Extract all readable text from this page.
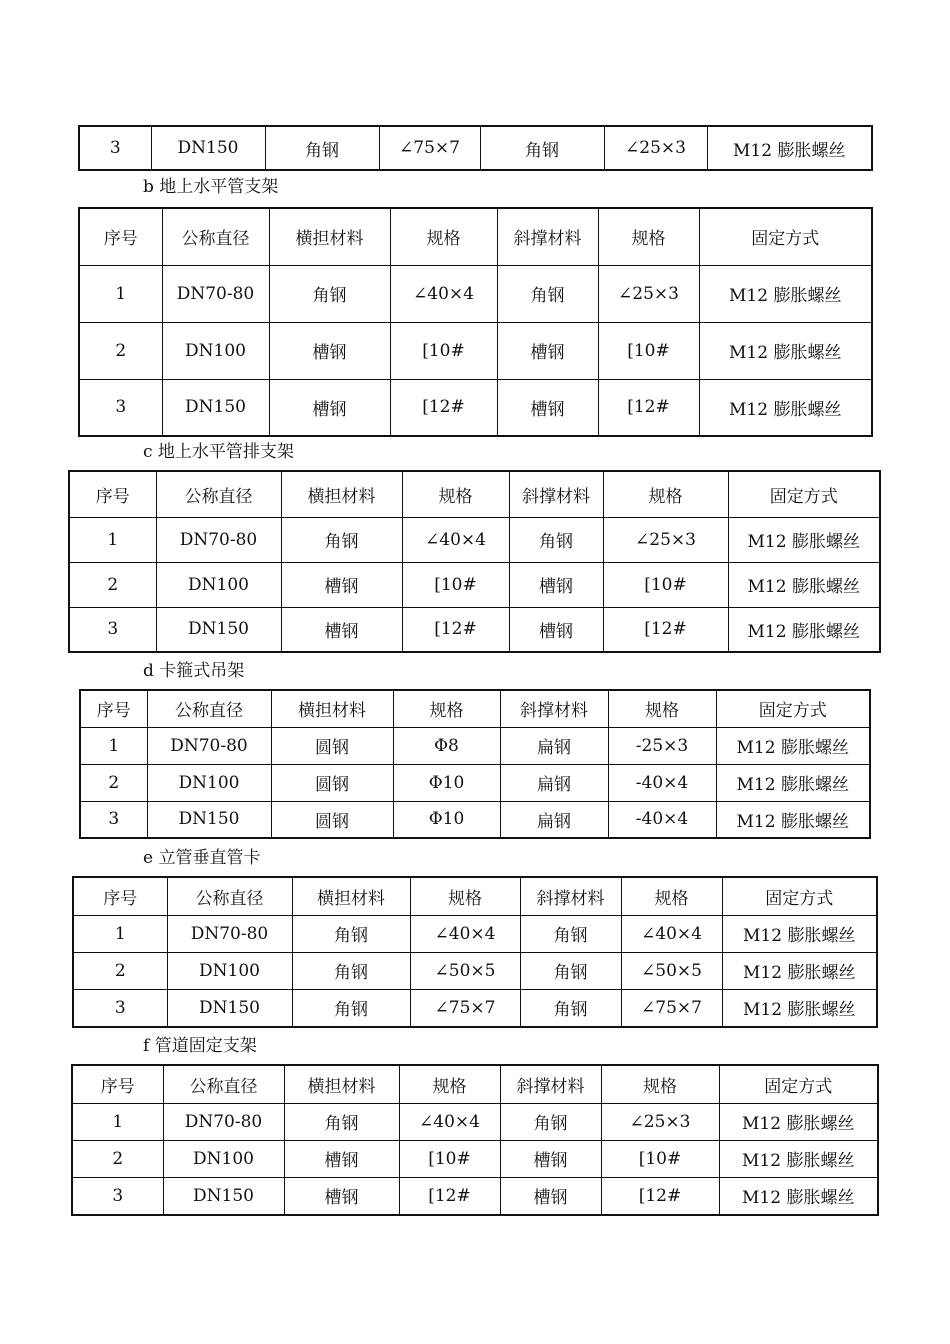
3	DN150	角钢	∠75×7	角钢	∠25×3	M12 膨胀螺丝
b 地上水平管支架
序号	公称直径	横担材料	规格	斜撑材料	规格	固定方式
1	DN70-80	角钢	∠40×4	角钢	∠25×3	M12 膨胀螺丝
2	DN100	槽钢	[10#	槽钢	[10#	M12 膨胀螺丝
3	DN150	槽钢	[12#	槽钢	[12#	M12 膨胀螺丝
c 地上水平管排支架
序号	公称直径	横担材料	规格	斜撑材料	规格	固定方式
1	DN70-80	角钢	∠40×4	角钢	∠25×3	M12 膨胀螺丝
2	DN100	槽钢	[10#	槽钢	[10#	M12 膨胀螺丝
3	DN150	槽钢	[12#	槽钢	[12#	M12 膨胀螺丝
d 卡箍式吊架
序号	公称直径	横担材料	规格	斜撑材料	规格	固定方式
1	DN70-80	圆钢	Φ8	扁钢	-25×3	M12 膨胀螺丝
2	DN100	圆钢	Φ10	扁钢	-40×4	M12 膨胀螺丝
3	DN150	圆钢	Φ10	扁钢	-40×4	M12 膨胀螺丝
e 立管垂直管卡
序号	公称直径	横担材料	规格	斜撑材料	规格	固定方式
1	DN70-80	角钢	∠40×4	角钢	∠40×4	M12 膨胀螺丝
2	DN100	角钢	∠50×5	角钢	∠50×5	M12 膨胀螺丝
3	DN150	角钢	∠75×7	角钢	∠75×7	M12 膨胀螺丝
f 管道固定支架
序号	公称直径	横担材料	规格	斜撑材料	规格	固定方式
1	DN70-80	角钢	∠40×4	角钢	∠25×3	M12 膨胀螺丝
2	DN100	槽钢	[10#	槽钢	[10#	M12 膨胀螺丝
3	DN150	槽钢	[12#	槽钢	[12#	M12 膨胀螺丝
